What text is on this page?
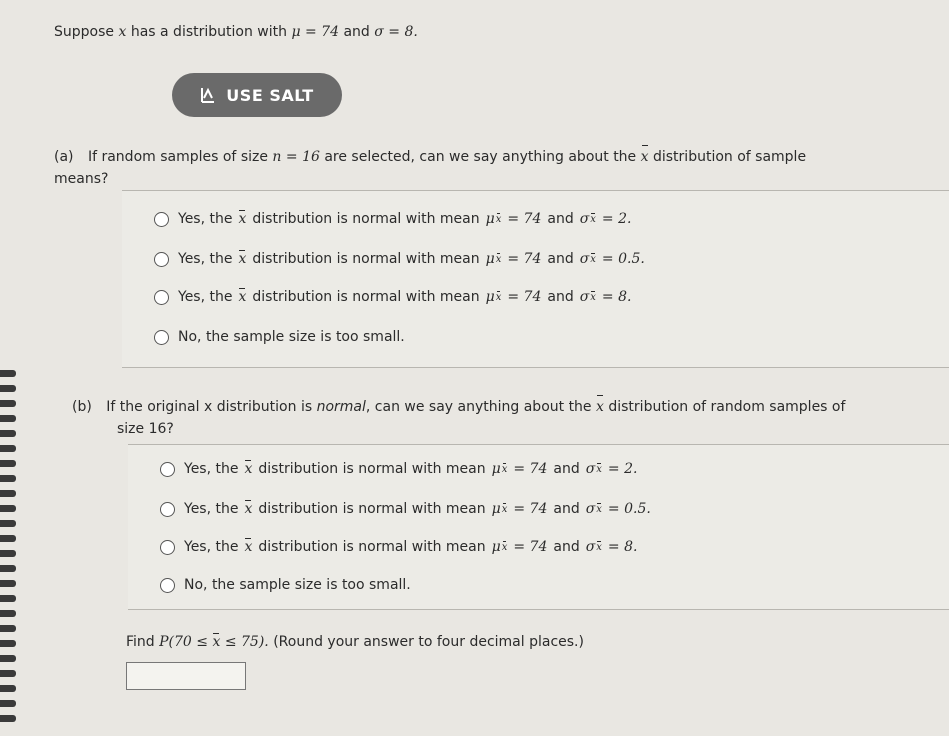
Suppose x has a distribution with μ = 74 and σ = 8.
USE SALT
(a) If random samples of size n = 16 are selected, can we say anything about the x distribution of sample
means?
Yes, the x distribution is normal with mean μ x = 74 and σ x = 2.
Yes, the x distribution is normal with mean μ x = 74 and σ x = 0.5.
Yes, the x distribution is normal with mean μ x = 74 and σ x = 8.
No, the sample size is too small.
(b) If the original x distribution is normal, can we say anything about the x distribution of random samples of
size 16?
Yes, the x distribution is normal with mean μ x = 74 and σ x = 2.
Yes, the x distribution is normal with mean μ x = 74 and σ x = 0.5.
Yes, the x distribution is normal with mean μ x = 74 and σ x = 8.
No, the sample size is too small.
Find P(70 ≤ x ≤ 75). (Round your answer to four decimal places.)
